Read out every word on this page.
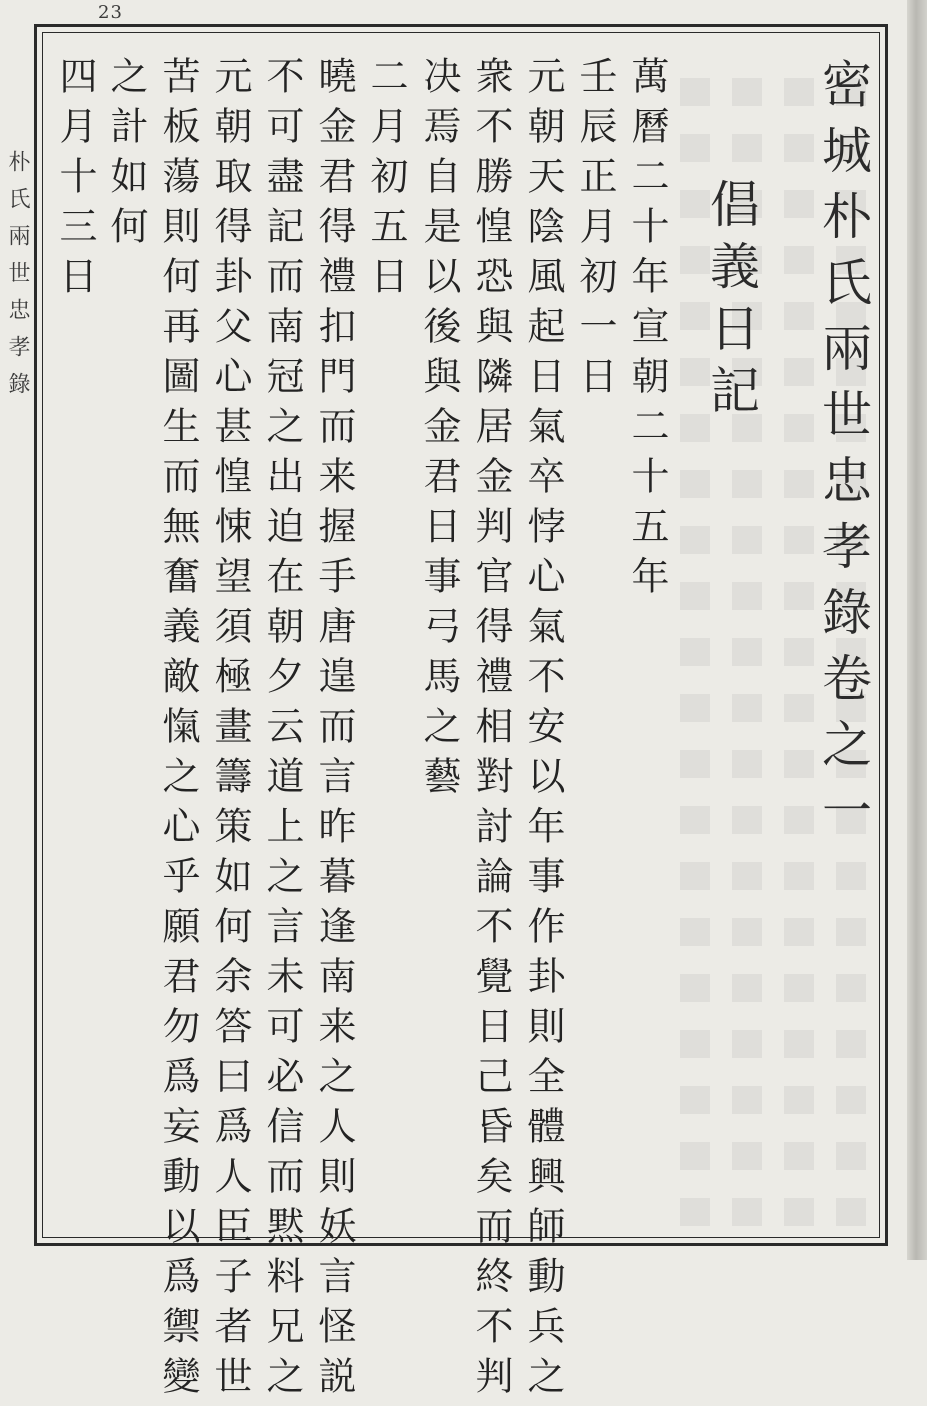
23
朴氏兩世忠孝錄	密城朴氏兩世忠孝錄卷之一
倡義日記
萬曆二十年宣朝二十五年
壬辰正月初一日
元朝天陰風起日氣卒悖心氣不安以年事作卦則全體興師動兵之
衆不勝惶恐與隣居金判官得禮相對討論不覺日己昏矣而終不判
决焉自是以後與金君日事弓馬之藝
二月初五日
曉金君得禮扣門而来握手唐遑而言昨暮逢南来之人則妖言怪説
不可盡記而南冠之出迫在朝夕云道上之言未可必信而黙料兄之
元朝取得卦父心甚惶悚望須極畫籌策如何余答曰爲人臣子者世
苦板蕩則何再圖生而無奮義敵愾之心乎願君勿爲妄動以爲禦變
之計如何
四月十三日
